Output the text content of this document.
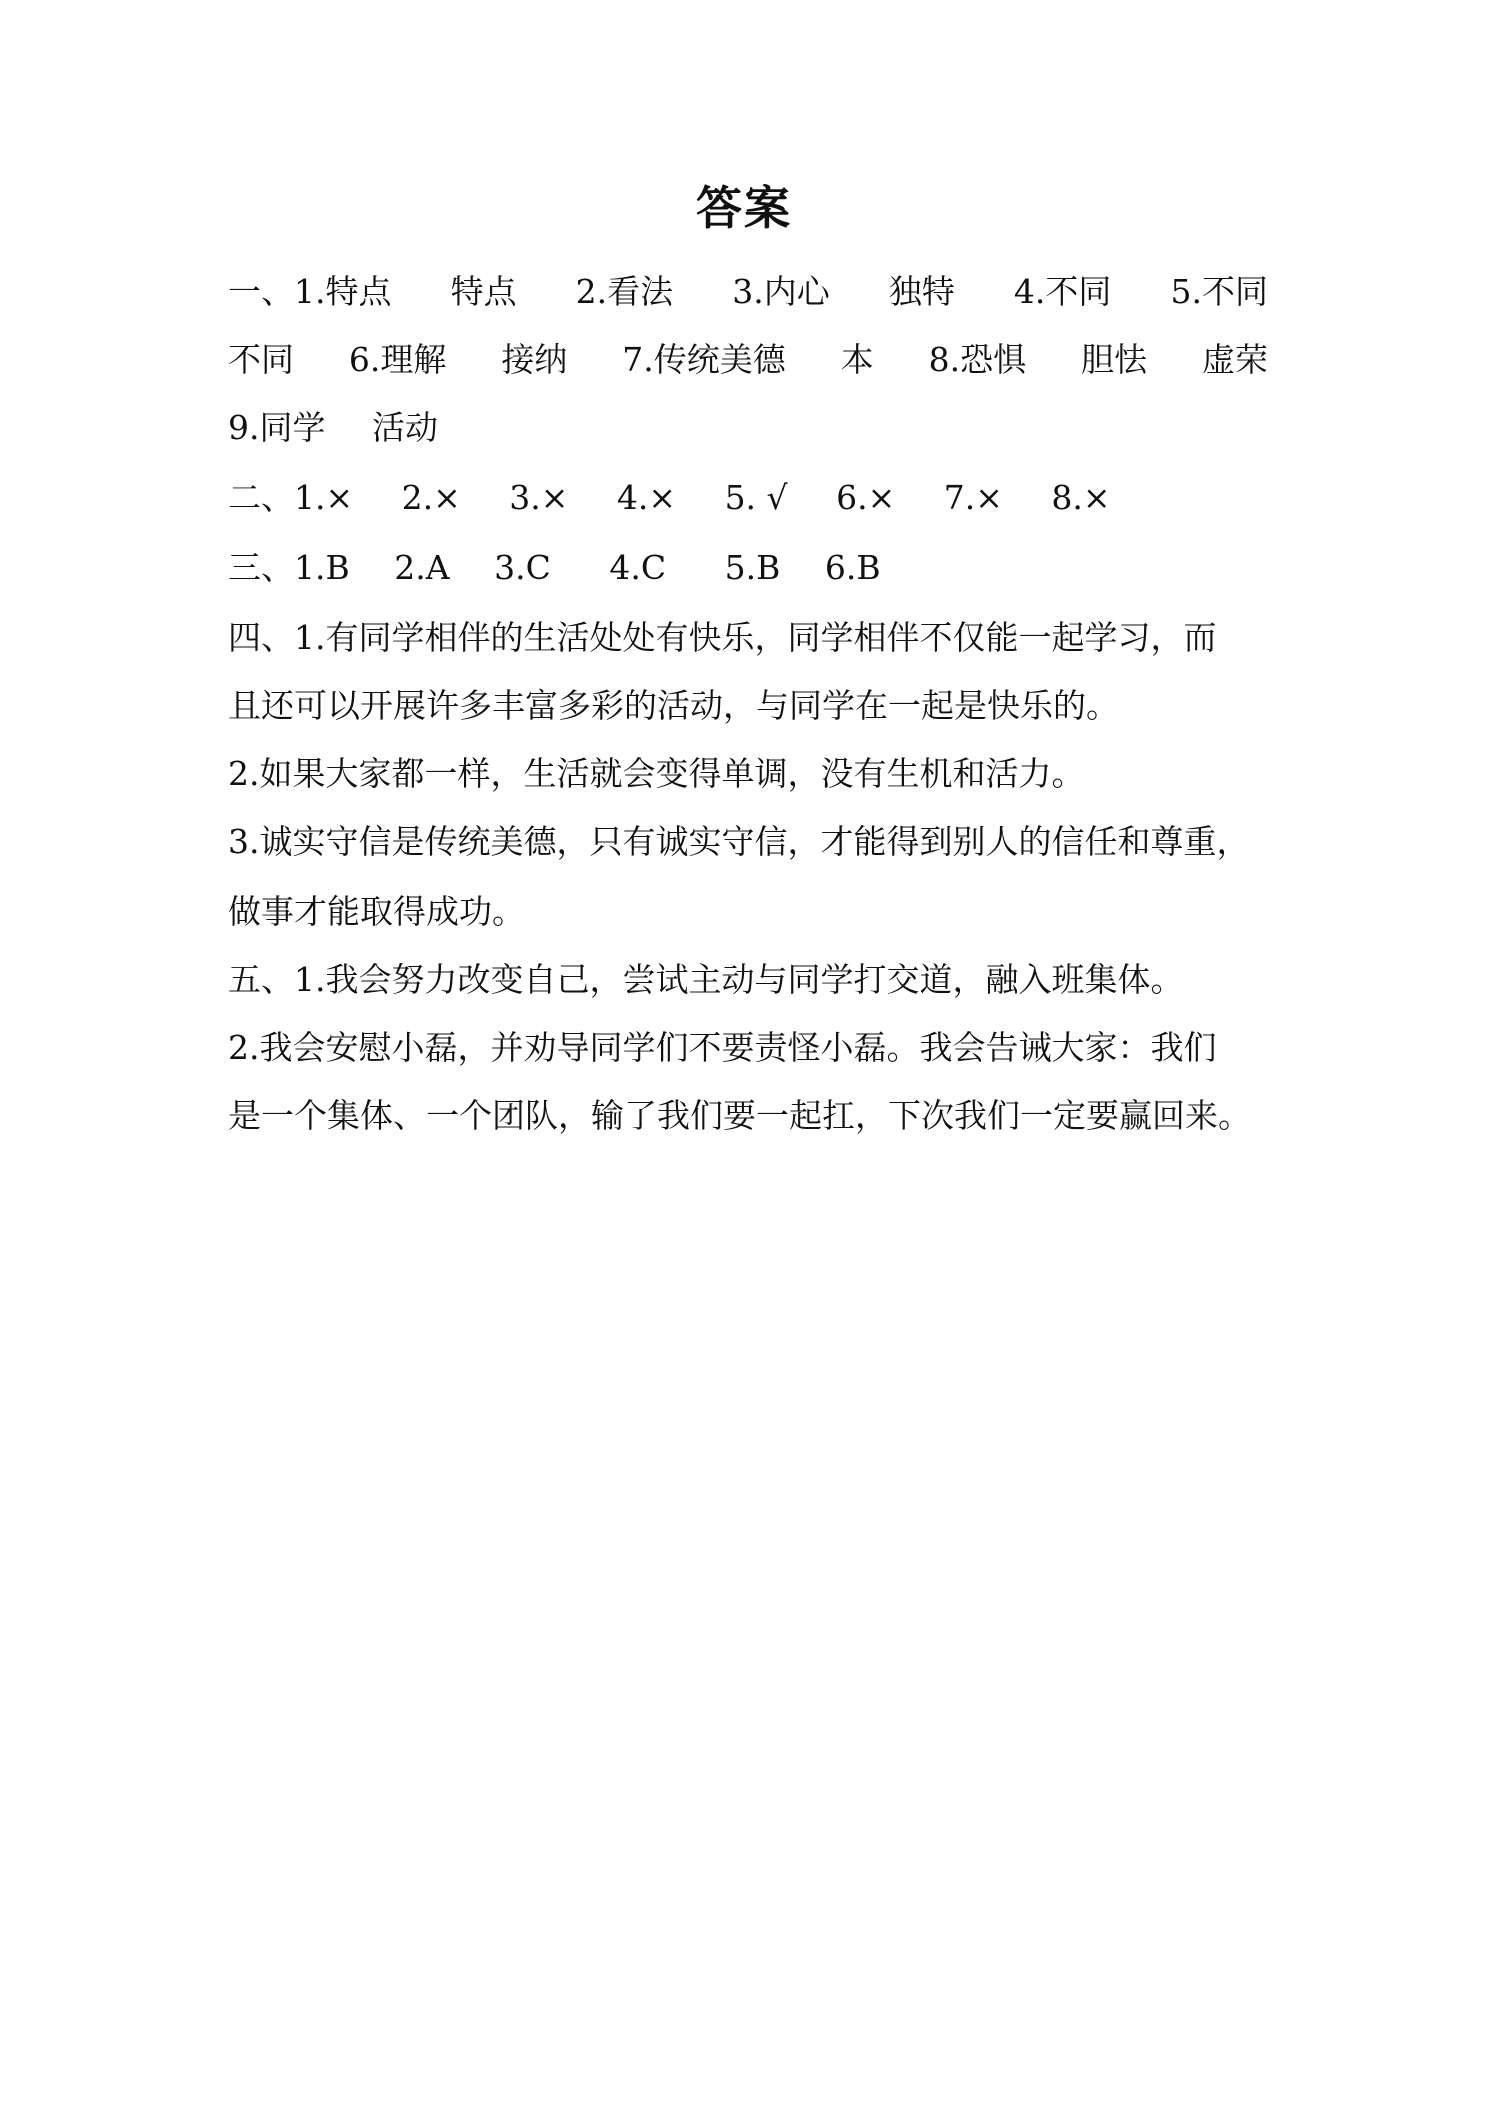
答案
一、1.特点 特点 2.看法 3.内心 独特 4.不同 5.不同
不同 6.理解 接纳 7.传统美德 本 8.恐惧 胆怯 虚荣
9.同学 活动
二、1.× 2.× 3.× 4.× 5. √ 6.× 7.× 8.×
三、1.B 2.A 3.C 4.C 5.B 6.B
四、1.有同学相伴的生活处处有快乐，同学相伴不仅能一起学习，而
且还可以开展许多丰富多彩的活动，与同学在一起是快乐的。
2.如果大家都一样，生活就会变得单调，没有生机和活力。
3.诚实守信是传统美德，只有诚实守信，才能得到别人的信任和尊重，
做事才能取得成功。
五、1.我会努力改变自己，尝试主动与同学打交道，融入班集体。
2.我会安慰小磊，并劝导同学们不要责怪小磊。我会告诫大家：我们
是一个集体、一个团队，输了我们要一起扛，下次我们一定要赢回来。
